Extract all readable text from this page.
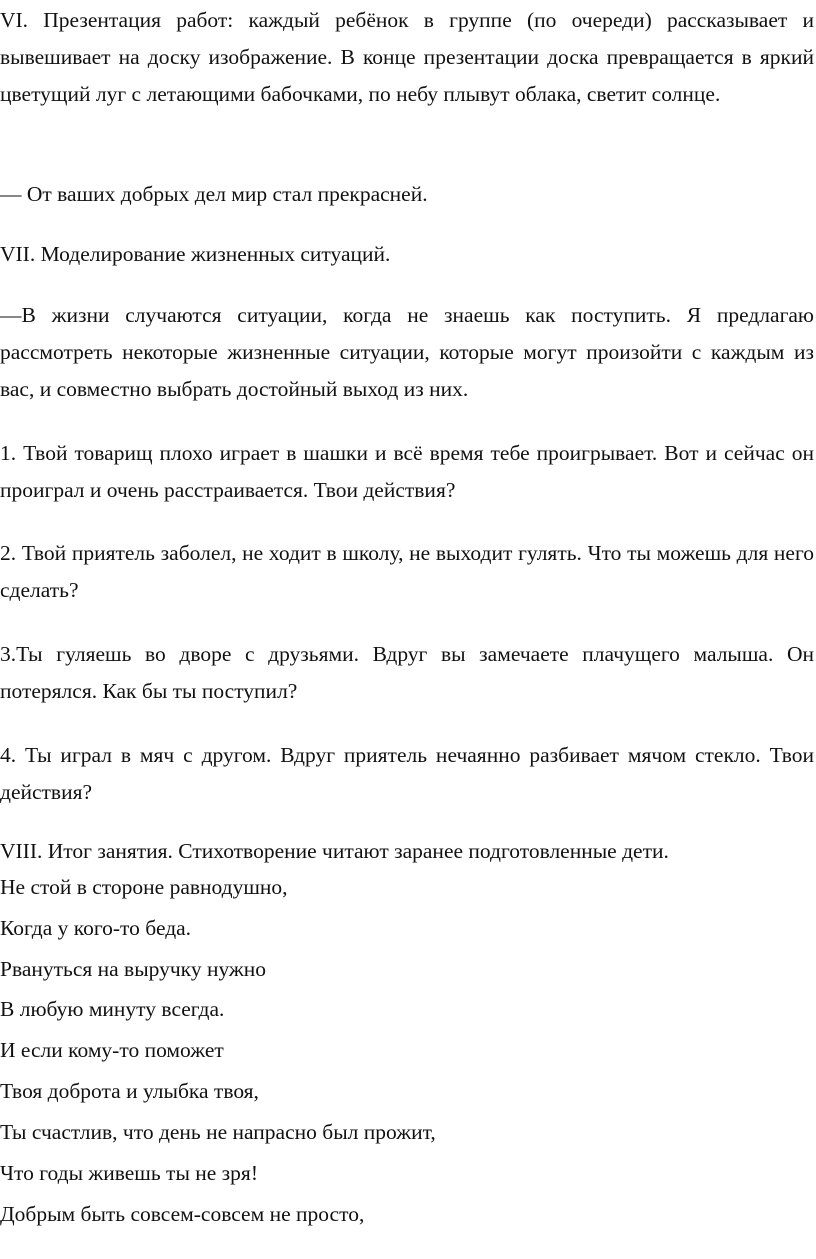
VI. Презентация работ: каждый ребёнок в группе (по очереди) рассказывает и вывешивает на доску изображение. В конце презентации доска превращается в яркий цветущий луг с летающими бабочками, по небу плывут облака, светит солнце.

— От ваших добрых дел мир стал прекрасней.

VII. Моделирование жизненных ситуаций.

—В жизни случаются ситуации, когда не знаешь как поступить. Я предлагаю рассмотреть некоторые жизненные ситуации, которые могут произойти с каждым из вас, и совместно выбрать достойный выход из них.

1. Твой товарищ плохо играет в шашки и всё время тебе проигрывает. Вот и сейчас он проиграл и очень расстраивается. Твои действия?

2. Твой приятель заболел, не ходит в школу, не выходит гулять. Что ты можешь для него сделать?

3.Ты гуляешь во дворе с друзьями. Вдруг вы замечаете плачущего малыша. Он потерялся. Как бы ты поступил?

4. Ты играл в мяч с другом. Вдруг приятель нечаянно разбивает мячом стекло. Твои действия?

VIII. Итог занятия. Стихотворение читают заранее подготовленные дети.

Не стой в стороне равнодушно,

Когда у кого-то беда.

Рвануться на выручку нужно

В любую минуту всегда.

И если кому-то поможет

Твоя доброта и улыбка твоя,

Ты счастлив, что день не напрасно был прожит,

Что годы живешь ты не зря!

Добрым быть совсем-совсем не просто,
